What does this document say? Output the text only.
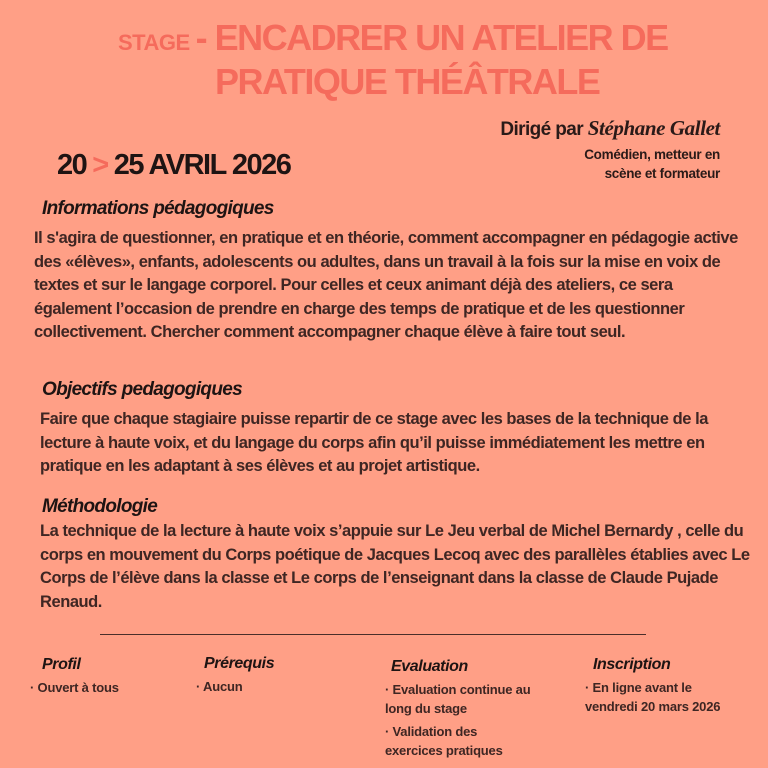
STAGE - ENCADRER UN ATELIER DE
PRATIQUE THÉÂTRALE
Dirigé par Stéphane Gallet
Comédien, metteur en
scène et formateur
20 > 25 AVRIL 2026
Informations pédagogiques
Il s'agira de questionner, en pratique et en théorie, comment accompagner en pédagogie active des «élèves», enfants, adolescents ou adultes, dans un travail à la fois sur la mise en voix de textes et sur le langage corporel. Pour celles et ceux animant déjà des ateliers, ce sera également l’occasion de prendre en charge des temps de pratique et de les questionner collectivement. Chercher comment accompagner chaque élève à faire tout seul.
Objectifs pedagogiques
Faire que chaque stagiaire puisse repartir de ce stage avec les bases de la technique de la lecture à haute voix, et du langage du corps afin qu’il puisse immédiatement les mettre en pratique en les adaptant à ses élèves et au projet artistique.
Méthodologie
La technique de la lecture à haute voix s’appuie sur Le Jeu verbal de Michel Bernardy , celle du corps en mouvement du Corps poétique de Jacques Lecoq avec des parallèles établies avec Le Corps de l’élève dans la classe et Le corps de l’enseignant dans la classe de Claude Pujade Renaud.
Profil
· Ouvert à tous
Prérequis
· Aucun
Evaluation
· Evaluation continue au long du stage
· Validation des exercices pratiques
Inscription
· En ligne avant le vendredi 20 mars 2026
